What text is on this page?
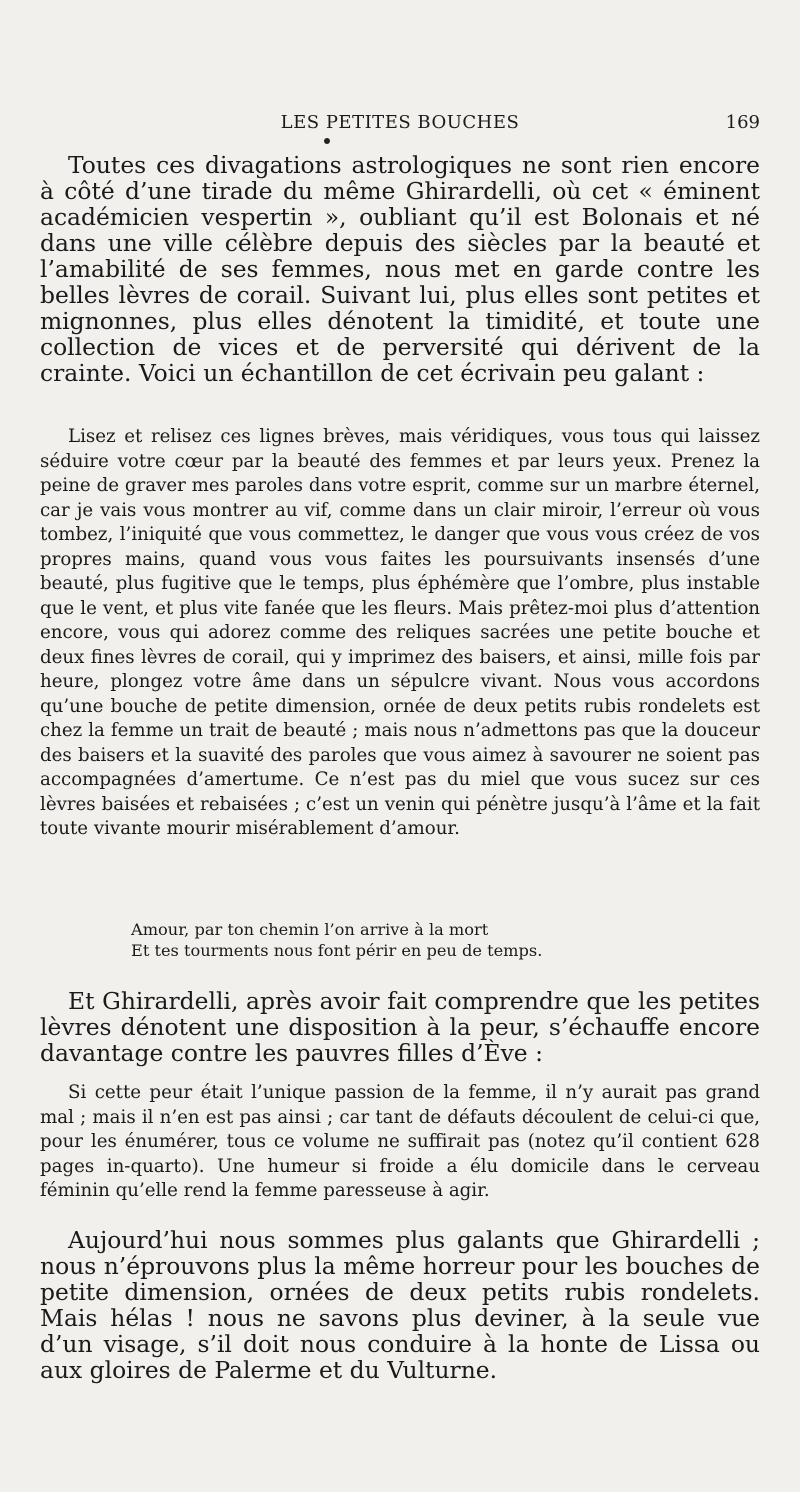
LES PETITES BOUCHES	169

Toutes ces divagations astrologiques ne sont rien encore à côté d’une tirade du même Ghirardelli, où cet « éminent académicien vespertin », oubliant qu’il est Bolonais et né dans une ville célèbre depuis des siècles par la beauté et l’amabilité de ses femmes, nous met en garde contre les belles lèvres de corail. Suivant lui, plus elles sont petites et mignonnes, plus elles dénotent la timidité, et toute une collection de vices et de perversité qui dérivent de la crainte. Voici un échantillon de cet écrivain peu galant :

Lisez et relisez ces lignes brèves, mais véridiques, vous tous qui laissez séduire votre cœur par la beauté des femmes et par leurs yeux. Prenez la peine de graver mes paroles dans votre esprit, comme sur un marbre éternel, car je vais vous montrer au vif, comme dans un clair miroir, l’erreur où vous tombez, l’iniquité que vous commettez, le danger que vous vous créez de vos propres mains, quand vous vous faites les poursuivants insensés d’une beauté, plus fugitive que le temps, plus éphémère que l’ombre, plus instable que le vent, et plus vite fanée que les fleurs. Mais prêtez-moi plus d’attention encore, vous qui adorez comme des reliques sacrées une petite bouche et deux fines lèvres de corail, qui y imprimez des baisers, et ainsi, mille fois par heure, plongez votre âme dans un sépulcre vivant. Nous vous accordons qu’une bouche de petite dimension, ornée de deux petits rubis rondelets est chez la femme un trait de beauté ; mais nous n’admettons pas que la douceur des baisers et la suavité des paroles que vous aimez à savourer ne soient pas accompagnées d’amertume. Ce n’est pas du miel que vous sucez sur ces lèvres baisées et rebaisées ; c’est un venin qui pénètre jusqu’à l’âme et la fait toute vivante mourir misérablement d’amour.

Amour, par ton chemin l’on arrive à la mort
Et tes tourments nous font périr en peu de temps.

Et Ghirardelli, après avoir fait comprendre que les petites lèvres dénotent une disposition à la peur, s’échauffe encore davantage contre les pauvres filles d’Ève :

Si cette peur était l’unique passion de la femme, il n’y aurait pas grand mal ; mais il n’en est pas ainsi ; car tant de défauts découlent de celui-ci que, pour les énumérer, tous ce volume ne suffirait pas (notez qu’il contient 628 pages in-quarto). Une humeur si froide a élu domicile dans le cerveau féminin qu’elle rend la femme paresseuse à agir.

Aujourd’hui nous sommes plus galants que Ghirardelli ; nous n’éprouvons plus la même horreur pour les bouches de petite dimension, ornées de deux petits rubis rondelets. Mais hélas ! nous ne savons plus deviner, à la seule vue d’un visage, s’il doit nous conduire à la honte de Lissa ou aux gloires de Palerme et du Vulturne.
